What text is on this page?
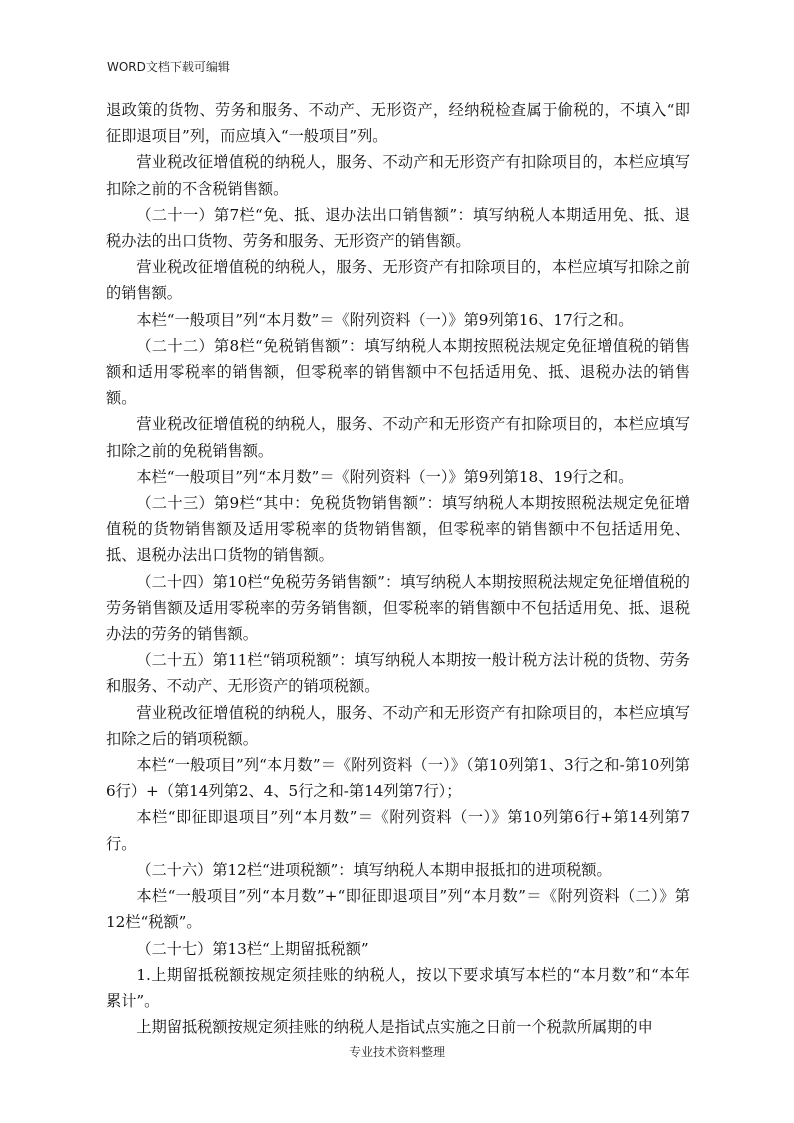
WORD文档下载可编辑

退政策的货物、劳务和服务、不动产、无形资产，经纳税检查属于偷税的，不填入“即征即退项目”列，而应填入“一般项目”列。

营业税改征增值税的纳税人，服务、不动产和无形资产有扣除项目的，本栏应填写扣除之前的不含税销售额。

（二十一）第7栏“免、抵、退办法出口销售额”：填写纳税人本期适用免、抵、退税办法的出口货物、劳务和服务、无形资产的销售额。

营业税改征增值税的纳税人，服务、无形资产有扣除项目的，本栏应填写扣除之前的销售额。

本栏“一般项目”列“本月数”＝《附列资料（一）》第9列第16、17行之和。

（二十二）第8栏“免税销售额”：填写纳税人本期按照税法规定免征增值税的销售额和适用零税率的销售额，但零税率的销售额中不包括适用免、抵、退税办法的销售额。

营业税改征增值税的纳税人，服务、不动产和无形资产有扣除项目的，本栏应填写扣除之前的免税销售额。

本栏“一般项目”列“本月数”＝《附列资料（一）》第9列第18、19行之和。

（二十三）第9栏“其中：免税货物销售额”：填写纳税人本期按照税法规定免征增值税的货物销售额及适用零税率的货物销售额，但零税率的销售额中不包括适用免、抵、退税办法出口货物的销售额。

（二十四）第10栏“免税劳务销售额”：填写纳税人本期按照税法规定免征增值税的劳务销售额及适用零税率的劳务销售额，但零税率的销售额中不包括适用免、抵、退税办法的劳务的销售额。

（二十五）第11栏“销项税额”：填写纳税人本期按一般计税方法计税的货物、劳务和服务、不动产、无形资产的销项税额。

营业税改征增值税的纳税人，服务、不动产和无形资产有扣除项目的，本栏应填写扣除之后的销项税额。

本栏“一般项目”列“本月数”＝《附列资料（一）》（第10列第1、3行之和-第10列第6行）+（第14列第2、4、5行之和-第14列第7行）；

本栏“即征即退项目”列“本月数”＝《附列资料（一）》第10列第6行+第14列第7行。

（二十六）第12栏“进项税额”：填写纳税人本期申报抵扣的进项税额。

本栏“一般项目”列“本月数”+“即征即退项目”列“本月数”＝《附列资料（二）》第12栏“税额”。

（二十七）第13栏“上期留抵税额”

1.上期留抵税额按规定须挂账的纳税人，按以下要求填写本栏的“本月数”和“本年累计”。

上期留抵税额按规定须挂账的纳税人是指试点实施之日前一个税款所属期的申

专业技术资料整理
